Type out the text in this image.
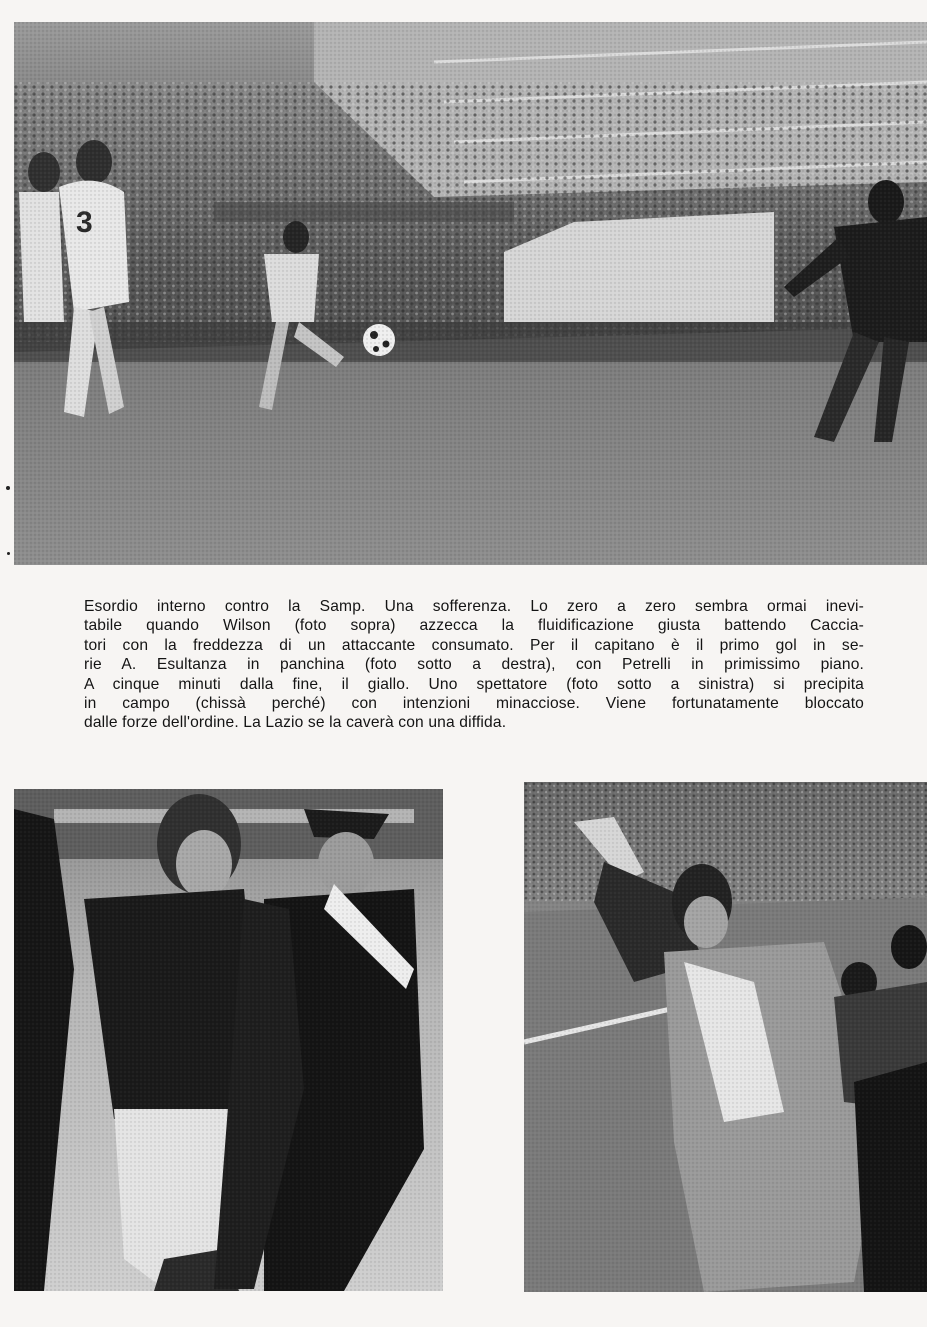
Esordio interno contro la Samp. Una sofferenza. Lo zero a zero sembra ormai inevi-
tabile quando Wilson (foto sopra) azzecca la fluidificazione giusta battendo Caccia-
tori con la freddezza di un attaccante consumato. Per il capitano è il primo gol in se-
rie A. Esultanza in panchina (foto sotto a destra), con Petrelli in primissimo piano.
A cinque minuti dalla fine, il giallo. Uno spettatore (foto sotto a sinistra) si precipita
in campo (chissà perché) con intenzioni minacciose. Viene fortunatamente bloccato
dalle forze dell'ordine. La Lazio se la caverà con una diffida.
